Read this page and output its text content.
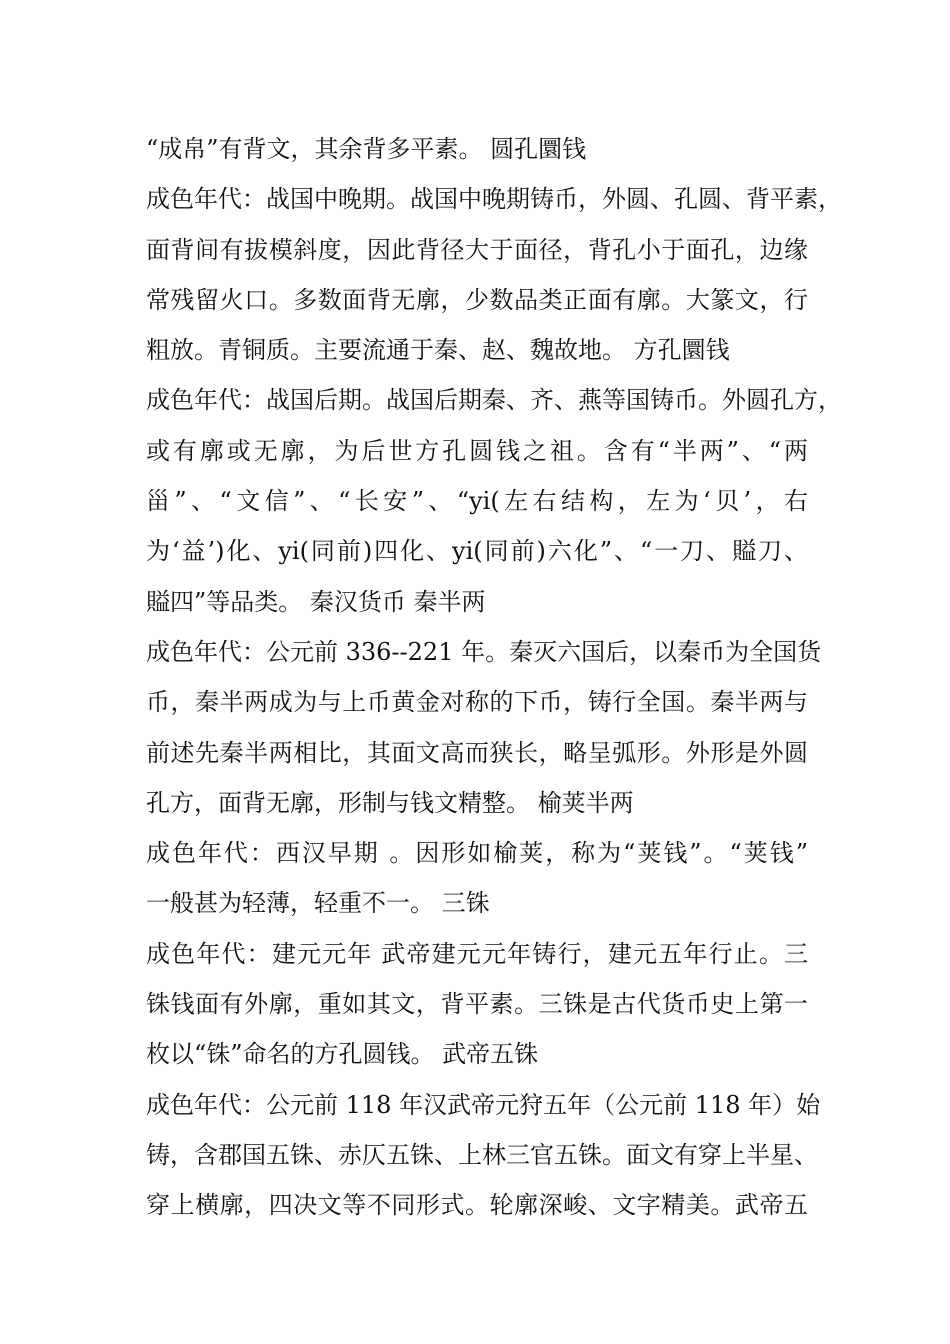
“成帛”有背文，其余背多平素。 圆孔圜钱
成色年代：战国中晚期。战国中晚期铸币，外圆、孔圆、背平素，
面背间有拔模斜度，因此背径大于面径，背孔小于面孔，边缘
常残留火口。多数面背无廓，少数品类正面有廓。大篆文，行
粗放。青铜质。主要流通于秦、赵、魏故地。 方孔圜钱
成色年代：战国后期。战国后期秦、齐、燕等国铸币。外圆孔方，
或有廓或无廓，为后世方孔圆钱之祖。含有“半两”、“两
甾”、“文信”、“长安”、“yi(左右结构，左为‘贝’，右
为‘益’)化、yi(同前)四化、yi(同前)六化”、“一刀、賹刀、
賹四”等品类。 秦汉货币 秦半两
成色年代：公元前 336--221 年。秦灭六国后，以秦币为全国货
币，秦半两成为与上币黄金对称的下币，铸行全国。秦半两与
前述先秦半两相比，其面文高而狭长，略呈弧形。外形是外圆
孔方，面背无廓，形制与钱文精整。 榆荚半两
成色年代：西汉早期 。因形如榆荚，称为“荚钱”。“荚钱”
一般甚为轻薄，轻重不一。 三铢
成色年代：建元元年 武帝建元元年铸行，建元五年行止。三
铢钱面有外廓，重如其文，背平素。三铢是古代货币史上第一
枚以“铢”命名的方孔圆钱。 武帝五铢
成色年代：公元前 118 年汉武帝元狩五年（公元前 118 年）始
铸，含郡国五铢、赤仄五铢、上林三官五铢。面文有穿上半星、
穿上横廓，四决文等不同形式。轮廓深峻、文字精美。武帝五
